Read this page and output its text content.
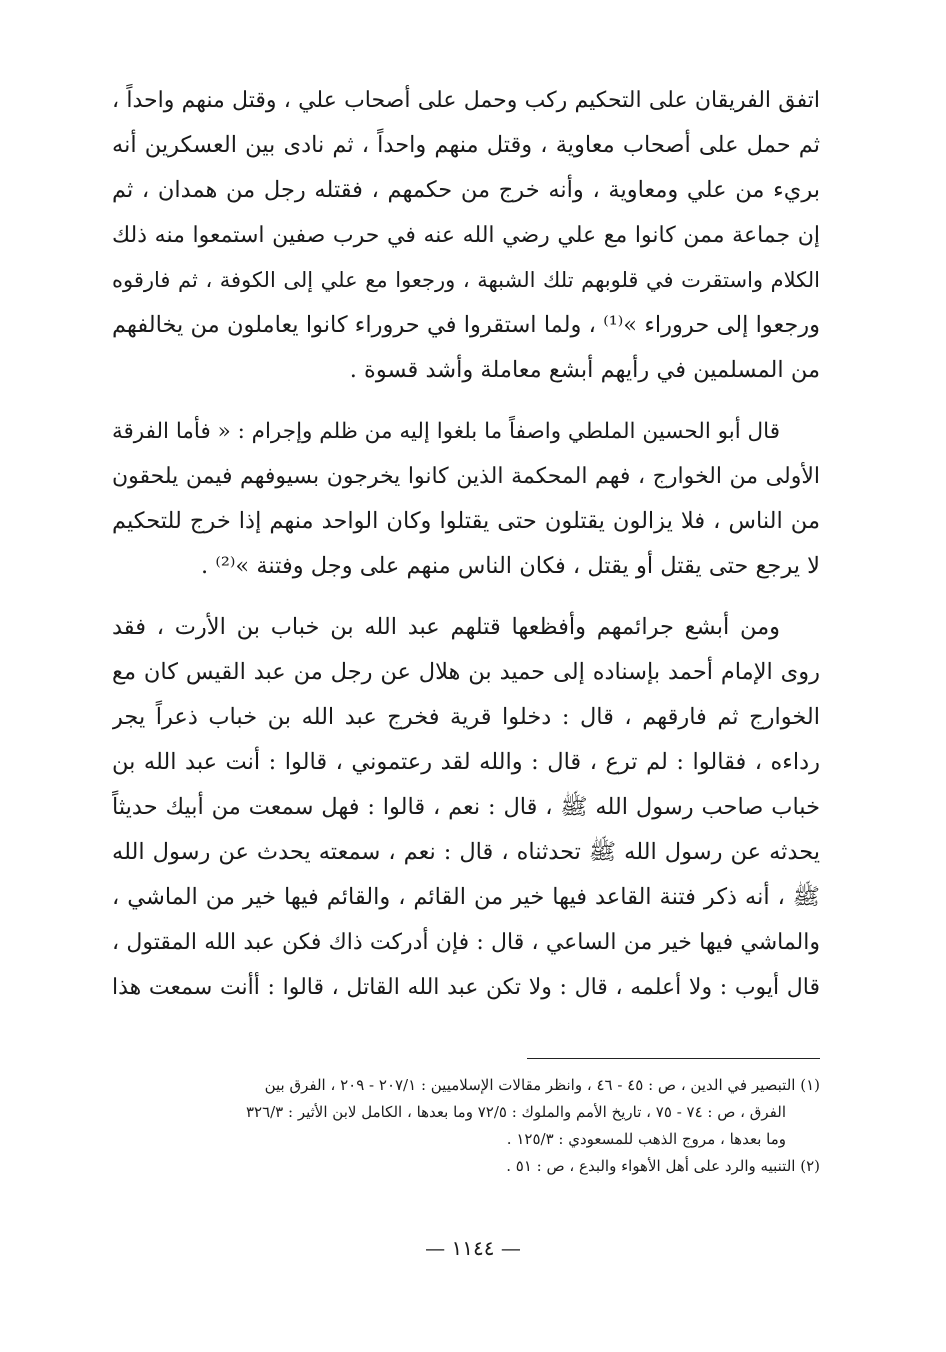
اتفق الفريقان على التحكيم ركب وحمل على أصحاب علي ، وقتل منهم واحداً ،
ثم حمل على أصحاب معاوية ، وقتل منهم واحداً ، ثم نادى بين العسكرين أنه
بريء من علي ومعاوية ، وأنه خرج من حكمهم ، فقتله رجل من همدان ، ثم
إن جماعة ممن كانوا مع علي رضي الله عنه في حرب صفين استمعوا منه ذلك
الكلام واستقرت في قلوبهم تلك الشبهة ، ورجعوا مع علي إلى الكوفة ، ثم فارقوه
ورجعوا إلى حروراء »⁽¹⁾ ، ولما استقروا في حروراء كانوا يعاملون من يخالفهم
من المسلمين في رأيهم أبشع معاملة وأشد قسوة .
قال أبو الحسين الملطي واصفاً ما بلغوا إليه من ظلم وإجرام : « فأما الفرقة
الأولى من الخوارج ، فهم المحكمة الذين كانوا يخرجون بسيوفهم فيمن يلحقون
من الناس ، فلا يزالون يقتلون حتى يقتلوا وكان الواحد منهم إذا خرج للتحكيم
لا يرجع حتى يقتل أو يقتل ، فكان الناس منهم على وجل وفتنة »⁽²⁾ .
ومن أبشع جرائمهم وأفظعها قتلهم عبد الله بن خباب بن الأرت ، فقد
روى الإمام أحمد بإسناده إلى حميد بن هلال عن رجل من عبد القيس كان مع
الخوارج ثم فارقهم ، قال : دخلوا قرية فخرج عبد الله بن خباب ذعراً يجر
رداءه ، فقالوا : لم ترع ، قال : والله لقد رعتموني ، قالوا : أنت عبد الله بن
خباب صاحب رسول الله ﷺ ، قال : نعم ، قالوا : فهل سمعت من أبيك حديثاً
يحدثه عن رسول الله ﷺ تحدثناه ، قال : نعم ، سمعته يحدث عن رسول الله
ﷺ ، أنه ذكر فتنة القاعد فيها خير من القائم ، والقائم فيها خير من الماشي ،
والماشي فيها خير من الساعي ، قال : فإن أدركت ذاك فكن عبد الله المقتول ،
قال أيوب : ولا أعلمه ، قال : ولا تكن عبد الله القاتل ، قالوا : أأنت سمعت هذا
(١) التبصير في الدين ، ص : ٤٥ - ٤٦ ، وانظر مقالات الإسلاميين : ٢٠٧/١ - ٢٠٩ ، الفرق بين
الفرق ، ص : ٧٤ - ٧٥ ، تاريخ الأمم والملوك : ٧٢/٥ وما بعدها ، الكامل لابن الأثير : ٣٢٦/٣
وما بعدها ، مروج الذهب للمسعودي : ١٢٥/٣ .
(٢) التنبيه والرد على أهل الأهواء والبدع ، ص : ٥١ .
— ١١٤٤ —
